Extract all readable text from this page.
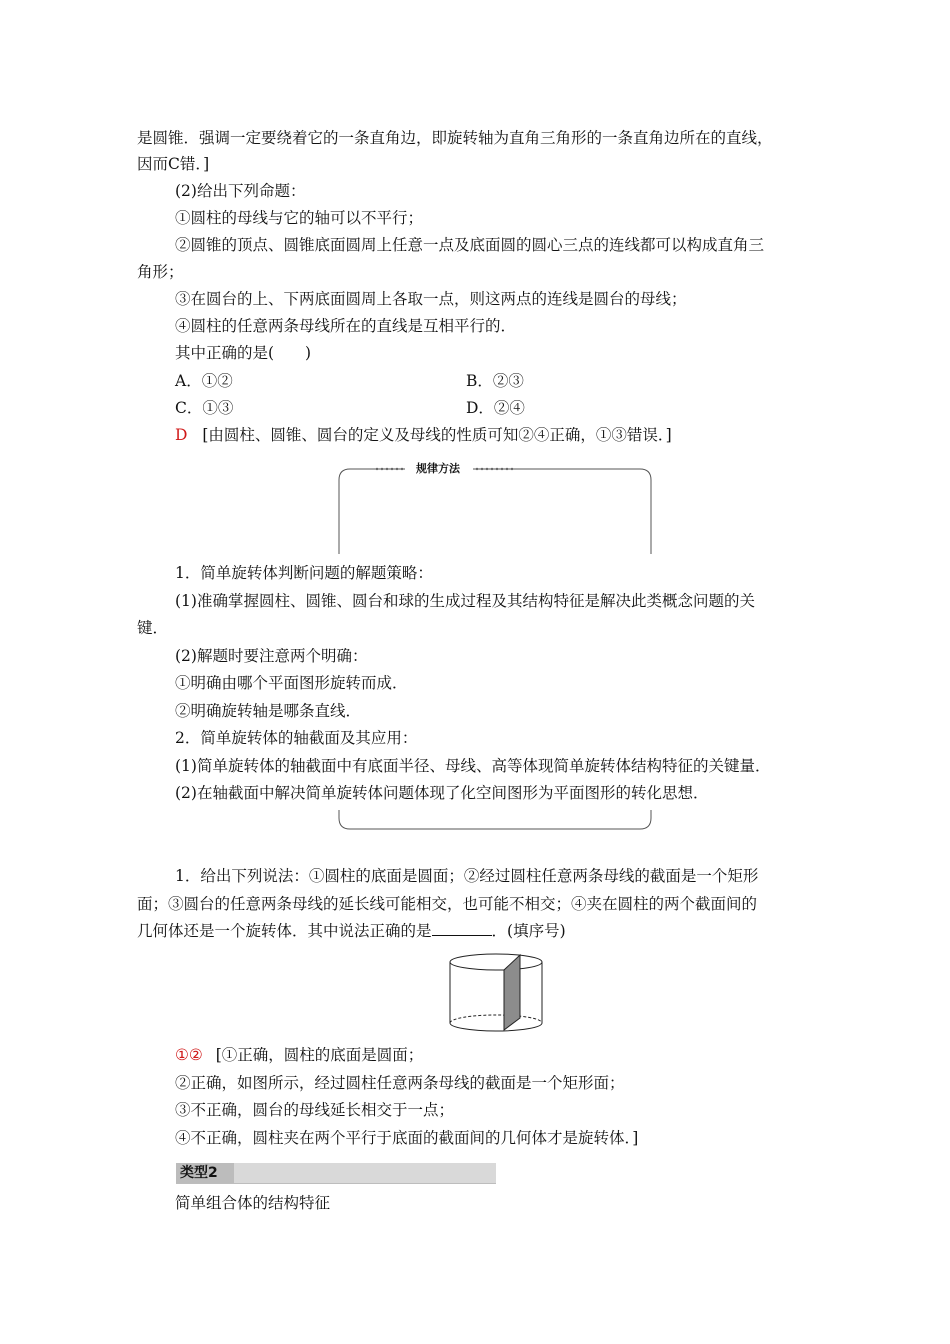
是圆锥．强调一定要绕着它的一条直角边，即旋转轴为直角三角形的一条直角边所在的直线，
因而C错．]
(2)给出下列命题：
①圆柱的母线与它的轴可以不平行；
②圆锥的顶点、圆锥底面圆周上任意一点及底面圆的圆心三点的连线都可以构成直角三
角形；
③在圆台的上、下两底面圆周上各取一点，则这两点的连线是圆台的母线；
④圆柱的任意两条母线所在的直线是互相平行的．
其中正确的是(　　)
A．①②	B．②③
C．①③	D．②④
D [由圆柱、圆锥、圆台的定义及母线的性质可知②④正确，①③错误．]
规律方法
1．简单旋转体判断问题的解题策略：
(1)准确掌握圆柱、圆锥、圆台和球的生成过程及其结构特征是解决此类概念问题的关
键．
(2)解题时要注意两个明确：
①明确由哪个平面图形旋转而成．
②明确旋转轴是哪条直线．
2．简单旋转体的轴截面及其应用：
(1)简单旋转体的轴截面中有底面半径、母线、高等体现简单旋转体结构特征的关键量．
(2)在轴截面中解决简单旋转体问题体现了化空间图形为平面图形的转化思想．
1．给出下列说法：①圆柱的底面是圆面；②经过圆柱任意两条母线的截面是一个矩形
面；③圆台的任意两条母线的延长线可能相交，也可能不相交；④夹在圆柱的两个截面间的
几何体还是一个旋转体．其中说法正确的是	．(填序号)
①② [①正确，圆柱的底面是圆面；
②正确，如图所示，经过圆柱任意两条母线的截面是一个矩形面；
③不正确，圆台的母线延长相交于一点；
④不正确，圆柱夹在两个平行于底面的截面间的几何体才是旋转体．]
类型2
简单组合体的结构特征
